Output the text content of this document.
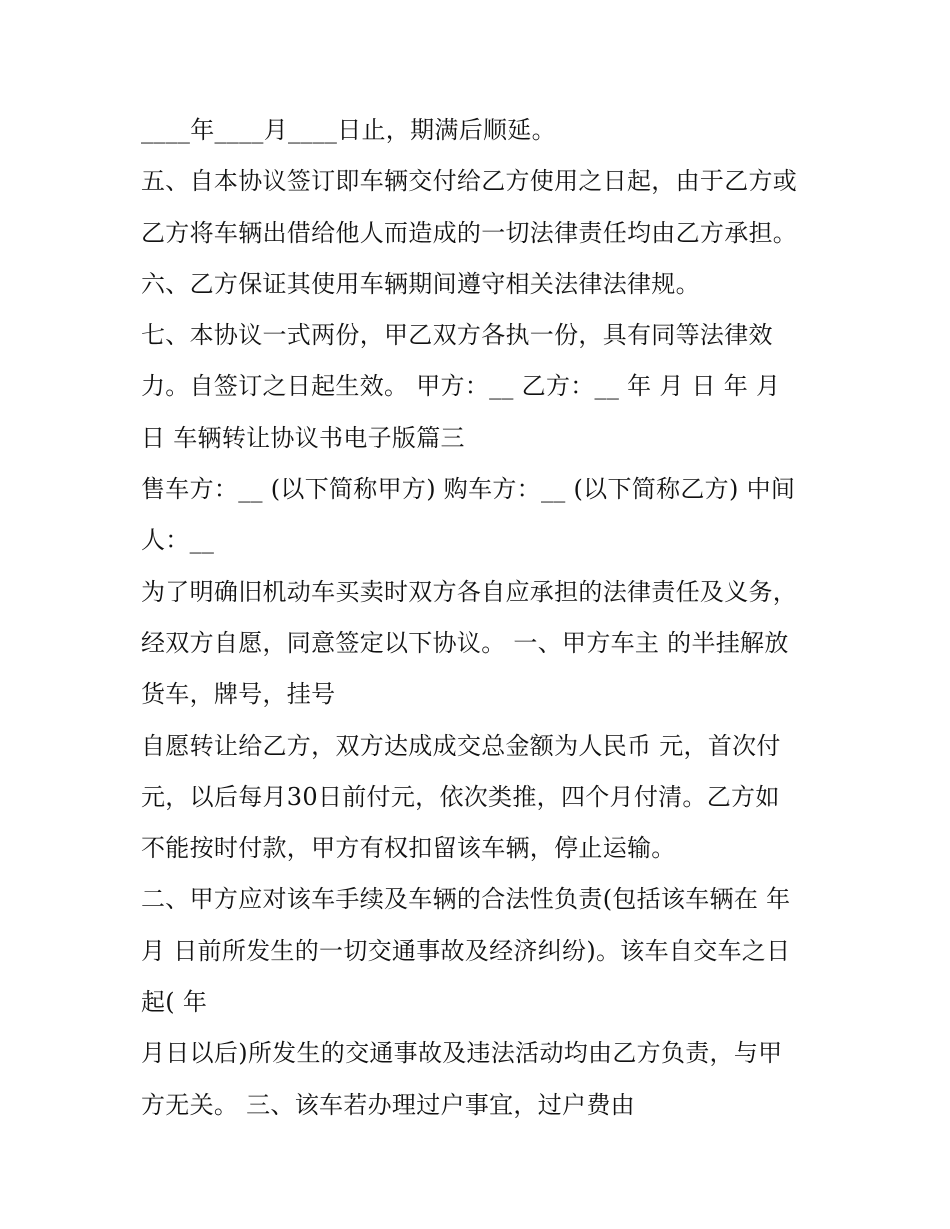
____年____月____日止，期满后顺延。
五、自本协议签订即车辆交付给乙方使用之日起，由于乙方或
乙方将车辆出借给他人而造成的一切法律责任均由乙方承担。
六、乙方保证其使用车辆期间遵守相关法律法律规。
七、本协议一式两份，甲乙双方各执一份，具有同等法律效
力。自签订之日起生效。 甲方：__ 乙方：__ 年 月 日 年 月
日 车辆转让协议书电子版篇三
售车方：__ (以下简称甲方) 购车方：__ (以下简称乙方) 中间
人：__
为了明确旧机动车买卖时双方各自应承担的法律责任及义务，
经双方自愿，同意签定以下协议。 一、甲方车主 的半挂解放
货车，牌号，挂号
自愿转让给乙方，双方达成成交总金额为人民币 元，首次付
元，以后每月30日前付元，依次类推，四个月付清。乙方如
不能按时付款，甲方有权扣留该车辆，停止运输。
二、甲方应对该车手续及车辆的合法性负责(包括该车辆在 年
月 日前所发生的一切交通事故及经济纠纷)。该车自交车之日
起( 年
月日以后)所发生的交通事故及违法活动均由乙方负责，与甲
方无关。 三、该车若办理过户事宜，过户费由
